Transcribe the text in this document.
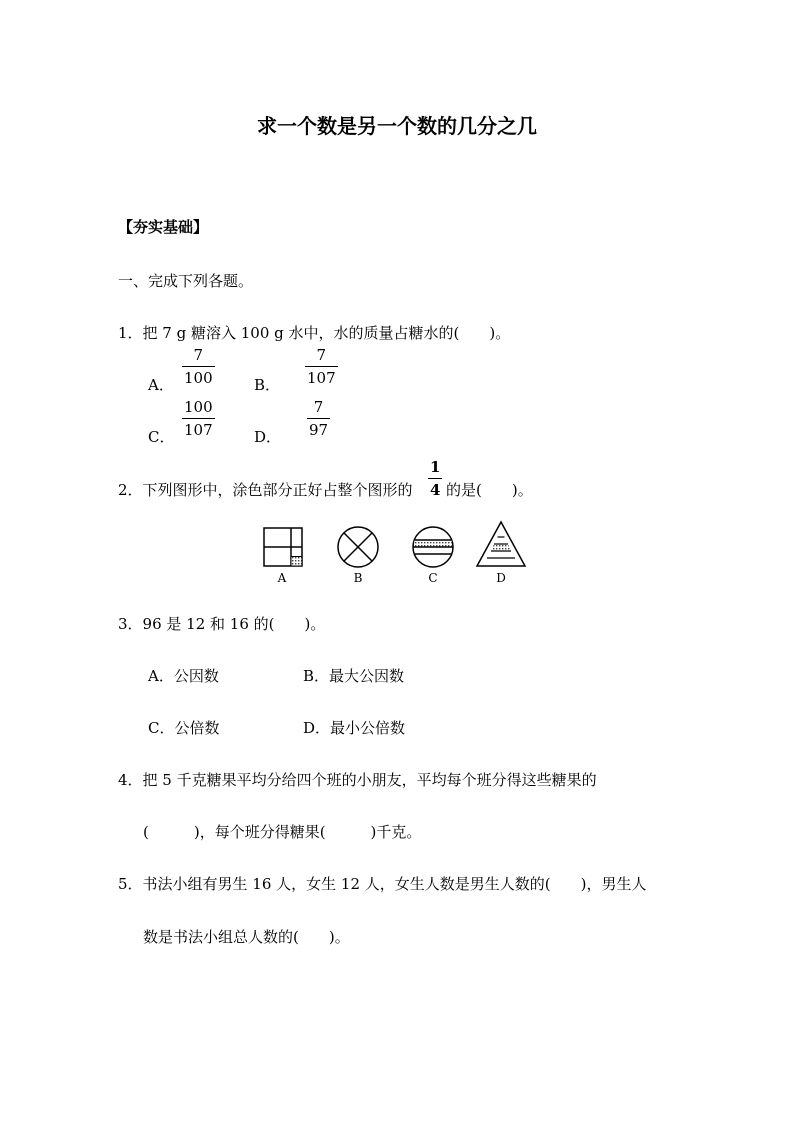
求一个数是另一个数的几分之几
【夯实基础】
一、完成下列各题。
1．把 7 g 糖溶入 100 g 水中，水的质量占糖水的(　　)。
A．
7
100	B．
7
107
C．
100
107	D．
7
97
2．下列图形中，涂色部分正好占整个图形的
1
4 的是(　　)。
A	B	C	D
3．96 是 12 和 16 的(　　)。
A．公因数	B．最大公因数
C．公倍数	D．最小公倍数
4．把 5 千克糖果平均分给四个班的小朋友，平均每个班分得这些糖果的
(　　　)，每个班分得糖果(　　　)千克。
5．书法小组有男生 16 人，女生 12 人，女生人数是男生人数的(　　)，男生人
数是书法小组总人数的(　　)。
